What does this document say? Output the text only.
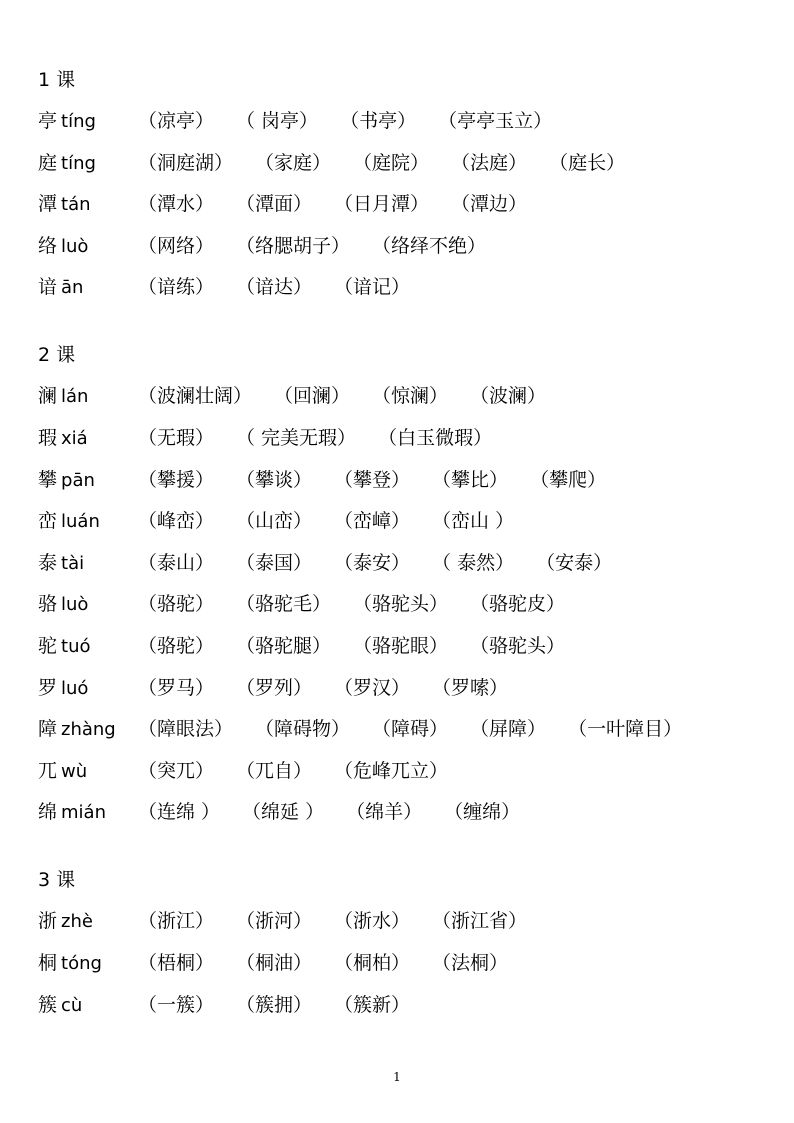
1 课
亭 tíng （凉亭） （ 岗亭） （书亭） （亭亭玉立）
庭 tíng （洞庭湖） （家庭） （庭院） （法庭） （庭长）
潭 tán （潭水） （潭面） （日月潭） （潭边）
络 luò	（网络） （络腮胡子） （络绎不绝）
谙 ān	（谙练） （谙达） （谙记）
2 课
澜 lán	（波澜壮阔） （回澜） （惊澜） （波澜）
瑕 xiá	（无瑕） （ 完美无瑕） （白玉微瑕）
攀 pān （攀援） （攀谈） （攀登） （攀比） （攀爬）
峦 luán （峰峦） （山峦） （峦嶂） （峦山 ）
泰 tài	（泰山） （泰国） （泰安） （ 泰然） （安泰）
骆 luò	（骆驼） （骆驼毛） （骆驼头） （骆驼皮）
驼 tuó	（骆驼） （骆驼腿） （骆驼眼） （骆驼头）
罗 luó	（罗马） （罗列） （罗汉） （罗嗦）
障 zhàng （障眼法） （障碍物） （障碍） （屏障） （一叶障目）
兀 wù	（突兀） （兀自） （危峰兀立）
绵 mián （连绵 ） （绵延 ） （绵羊） （缠绵）
3 课
浙 zhè （浙江） （浙河） （浙水） （浙江省）
桐 tóng （梧桐） （桐油） （桐柏） （法桐）
簇 cù	（一簇） （簇拥） （簇新）
1
